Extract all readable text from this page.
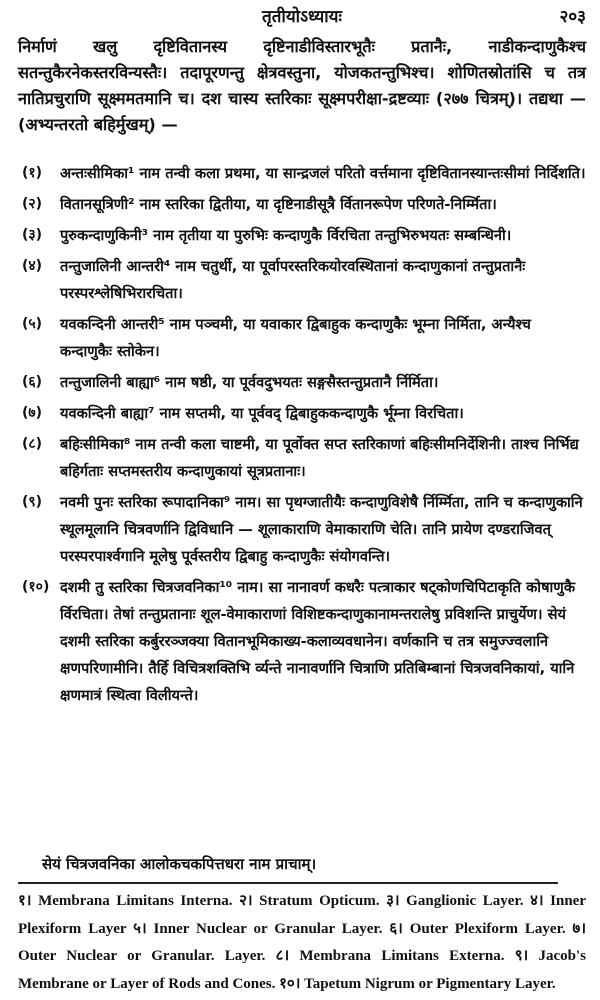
तृतीयोऽध्यायः	२०३
निर्माणं खलु दृष्टिवितानस्य दृष्टिनाडीविस्तारभूतैः प्रतानैः, नाडीकन्दाणुकैश्च सतन्तुकैरनेकस्तरविन्यस्तैः। तदापूरणन्तु क्षेत्रवस्तुना, योजकतन्तुभिश्च। शोणितस्रोतांसि च तत्र नातिप्रचुराणि सूक्ष्ममतमानि च। दश चास्य स्तरिकाः सूक्ष्मपरीक्षा-द्रष्टव्याः (२७७ चित्रम्)। तद्यथा — (अभ्यन्तरतो बहिर्मुखम्) —
(१)	अन्तःसीमिका¹ नाम तन्वी कला प्रथमा, या सान्द्रजलं परितो वर्त्तमाना दृष्टिवितानस्यान्तःसीमां निर्दिशति।
(२)	वितानसूत्रिणी² नाम स्तरिका द्वितीया, या दृष्टिनाडीसूत्रै र्वितानरूपेण परिणते-निर्म्मिता।
(३)	पुरुकन्दाणुकिनी³ नाम तृतीया या पुरुभिः कन्दाणुकै र्विरचिता तन्तुभिरुभयतः सम्बन्धिनी।
(४)	तन्तुजालिनी आन्तरी⁴ नाम चतुर्थी, या पूर्वापरस्तरिकयोरवस्थितानां कन्दाणुकानां तन्तुप्रतानैः परस्परश्लेषिभिरारचिता।
(५)	यवकन्दिनी आन्तरी⁵ नाम पञ्चमी, या यवाकार द्विबाहुक कन्दाणुकैः भूम्ना निर्मिता, अन्यैश्च कन्दाणुकैः स्तोकेन।
(६)	तन्तुजालिनी बाह्या⁶ नाम षष्ठी, या पूर्ववदुभयतः सङ्गसैस्तन्तुप्रतानै र्निर्मिता।
(७)	यवकन्दिनी बाह्या⁷ नाम सप्तमी, या पूर्ववद् द्विबाहुककन्दाणुकै र्भूम्ना विरचिता।
(८)	बहिःसीमिका⁸ नाम तन्वी कला चाष्टमी, या पूर्वोक्त सप्त स्तरिकाणां बहिःसीमनिर्देशिनी। ताश्च निर्भिद्य बहिर्गताः सप्तमस्तरीय कन्दाणुकायां सूत्रप्रतानाः।
(९)	नवमी पुनः स्तरिका रूपादानिका⁹ नाम। सा पृथग्जातीयैः कन्दाणुविशेषै र्निर्म्मिता, तानि च कन्दाणुकानि स्थूलमूलानि चित्रवर्णानि द्विविधानि — शूलाकाराणि वेमाकाराणि चेति। तानि प्रायेण दण्डराजिवत् परस्परपार्श्वगानि मूलेषु पूर्वस्तरीय द्विबाहु कन्दाणुकैः संयोगवन्ति।
(१०) दशमी तु स्तरिका चित्रजवनिका¹⁰ नाम। सा नानावर्ण कधरैः पत्त्राकार षट्कोणचिपिटाकृति कोषाणुकै र्विरचिता। तेषां तन्तुप्रतानाः शूल-वेमाकाराणां विशिष्टकन्दाणुकानामन्तरालेषु प्रविशन्ति प्राचुर्येण। सेयं दशमी स्तरिका कर्बुररञ्जक्या वितानभूमिकाख्य-कलाव्यवधानेन। वर्णकानि च तत्र समुज्ज्वलानि क्षणपरिणामीनि। तैर्हि विचित्रशक्तिभि र्व्यन्ते नानावर्णानि चित्राणि प्रतिबिम्बानां चित्रजवनिकायां, यानि क्षणमात्रं स्थित्वा विलीयन्ते।
सेयं चित्रजवनिका आलोकचकपित्तधरा नाम प्राचाम्।
१। Membrana Limitans Interna. २। Stratum Opticum. ३। Ganglionic Layer. ४। Inner Plexiform Layer ५। Inner Nuclear or Granular Layer. ६। Outer Plexiform Layer. ७। Outer Nuclear or Granular. Layer. ८। Membrana Limitans Externa. ९। Jacob's Membrane or Layer of Rods and Cones. १०। Tapetum Nigrum or Pigmentary Layer.
